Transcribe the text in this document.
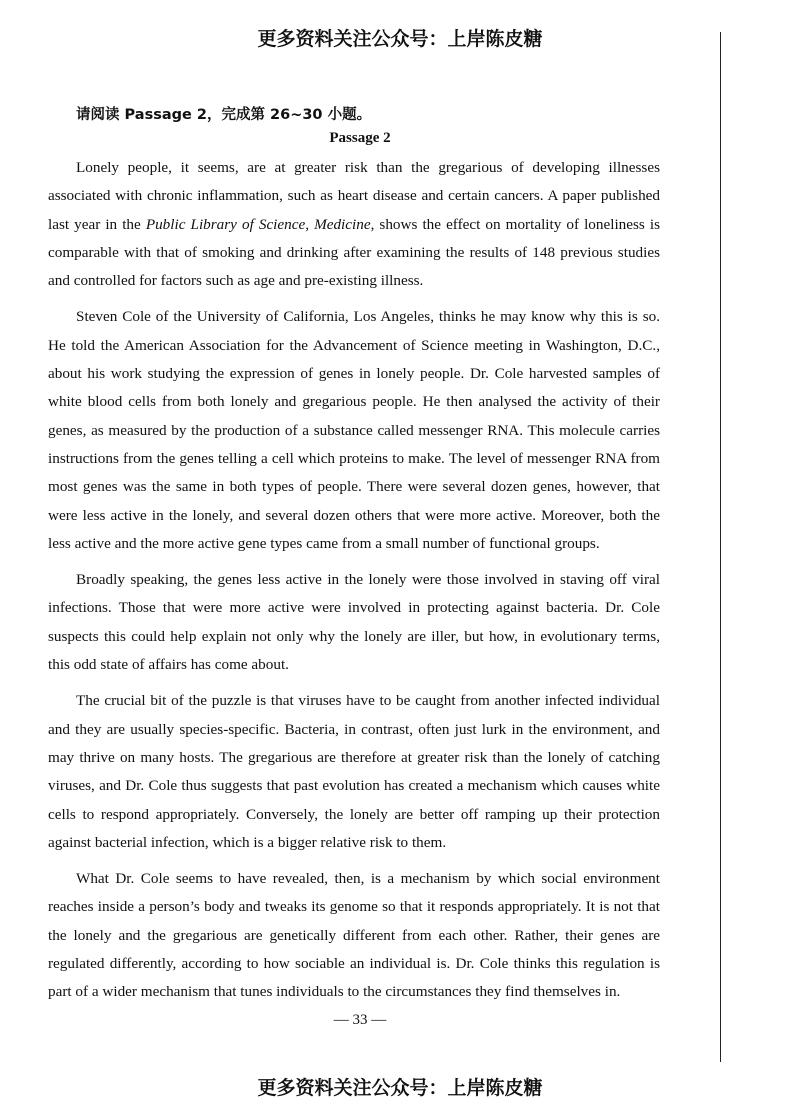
更多资料关注公众号：上岸陈皮糖
请阅读 Passage 2，完成第 26~30 小题。
Passage 2

Lonely people, it seems, are at greater risk than the gregarious of developing illnesses associated with chronic inflammation, such as heart disease and certain cancers. A paper published last year in the Public Library of Science, Medicine, shows the effect on mortality of loneliness is comparable with that of smoking and drinking after examining the results of 148 previous studies and controlled for factors such as age and pre-existing illness.

Steven Cole of the University of California, Los Angeles, thinks he may know why this is so. He told the American Association for the Advancement of Science meeting in Washington, D.C., about his work studying the expression of genes in lonely people. Dr. Cole harvested samples of white blood cells from both lonely and gregarious people. He then analysed the activity of their genes, as measured by the production of a substance called messenger RNA. This molecule carries instructions from the genes telling a cell which proteins to make. The level of messenger RNA from most genes was the same in both types of people. There were several dozen genes, however, that were less active in the lonely, and several dozen others that were more active. Moreover, both the less active and the more active gene types came from a small number of functional groups.

Broadly speaking, the genes less active in the lonely were those involved in staving off viral infections. Those that were more active were involved in protecting against bacteria. Dr. Cole suspects this could help explain not only why the lonely are iller, but how, in evolutionary terms, this odd state of affairs has come about.

The crucial bit of the puzzle is that viruses have to be caught from another infected individual and they are usually species-specific. Bacteria, in contrast, often just lurk in the environment, and may thrive on many hosts. The gregarious are therefore at greater risk than the lonely of catching viruses, and Dr. Cole thus suggests that past evolution has created a mechanism which causes white cells to respond appropriately. Conversely, the lonely are better off ramping up their protection against bacterial infection, which is a bigger relative risk to them.

What Dr. Cole seems to have revealed, then, is a mechanism by which social environment reaches inside a person’s body and tweaks its genome so that it responds appropriately. It is not that the lonely and the gregarious are genetically different from each other. Rather, their genes are regulated differently, according to how sociable an individual is. Dr. Cole thinks this regulation is part of a wider mechanism that tunes individuals to the circumstances they find themselves in.

— 33 —
更多资料关注公众号：上岸陈皮糖
